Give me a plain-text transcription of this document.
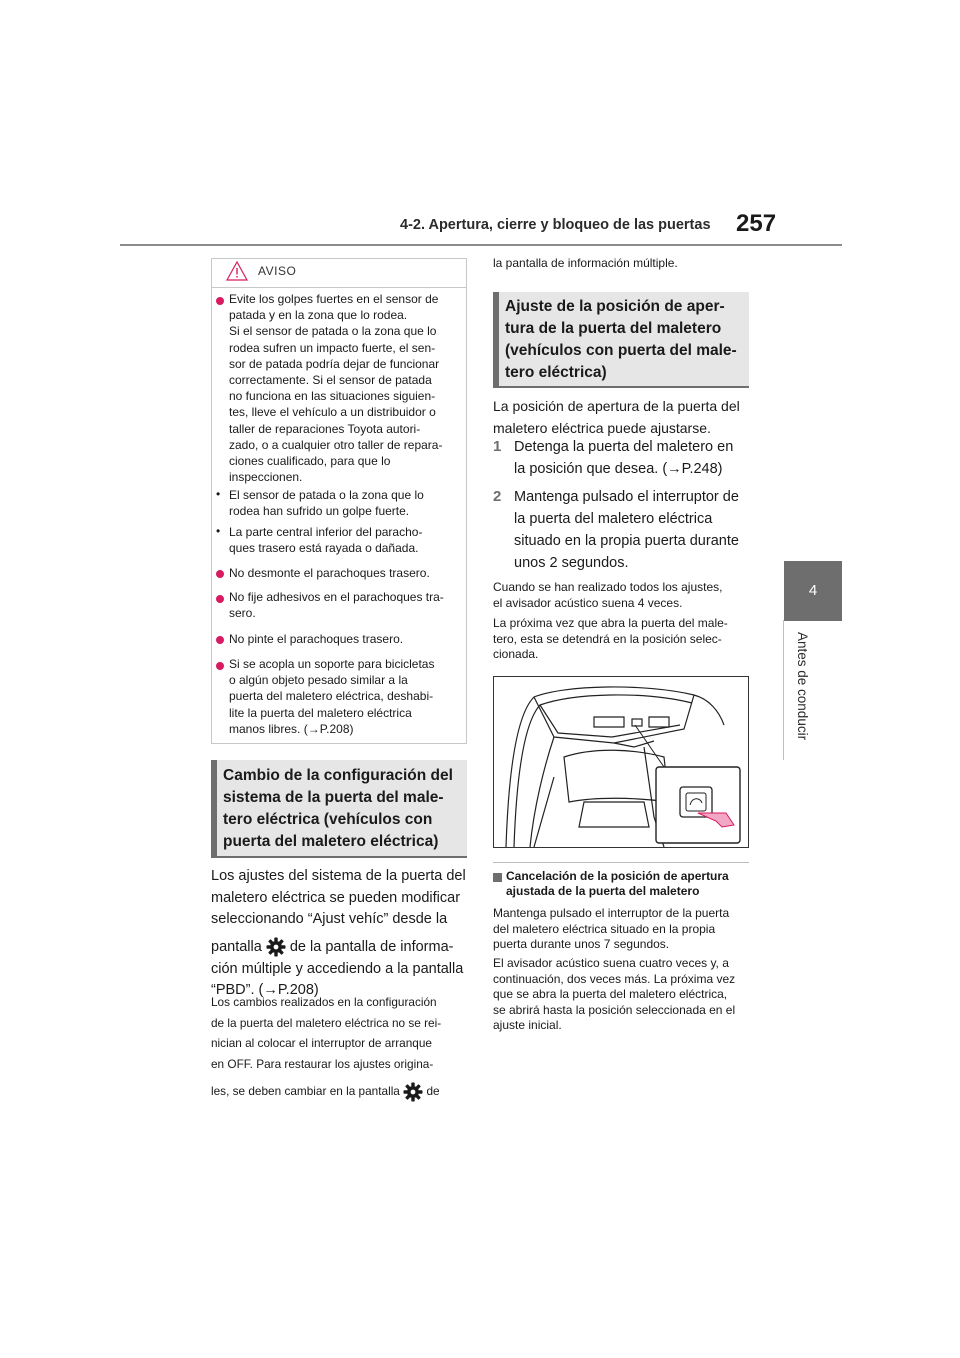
4-2. Apertura, cierre y bloqueo de las puertas 257
4
Antes de conducir
AVISO
Evite los golpes fuertes en el sensor de
patada y en la zona que lo rodea.
Si el sensor de patada o la zona que lo
rodea sufren un impacto fuerte, el sen-
sor de patada podría dejar de funcionar
correctamente. Si el sensor de patada
no funciona en las situaciones siguien-
tes, lleve el vehículo a un distribuidor o
taller de reparaciones Toyota autori-
zado, o a cualquier otro taller de repara-
ciones cualificado, para que lo
inspeccionen.
• El sensor de patada o la zona que lo
rodea han sufrido un golpe fuerte.
• La parte central inferior del paracho-
ques trasero está rayada o dañada.
No desmonte el parachoques trasero.
No fije adhesivos en el parachoques tra-
sero.
No pinte el parachoques trasero.
Si se acopla un soporte para bicicletas
o algún objeto pesado similar a la
puerta del maletero eléctrica, deshabi-
lite la puerta del maletero eléctrica
manos libres. (→P.208)
Cambio de la configuración del
sistema de la puerta del male-
tero eléctrica (vehículos con
puerta del maletero eléctrica)
Los ajustes del sistema de la puerta del
maletero eléctrica se pueden modificar
seleccionando “Ajust vehíc” desde la
pantalla de la pantalla de informa-
ción múltiple y accediendo a la pantalla
“PBD”. (→P.208)
Los cambios realizados en la configuración
de la puerta del maletero eléctrica no se rei-
nician al colocar el interruptor de arranque
en OFF. Para restaurar los ajustes origina-
les, se deben cambiar en la pantalla de
la pantalla de información múltiple.
Ajuste de la posición de aper-
tura de la puerta del maletero
(vehículos con puerta del male-
tero eléctrica)
La posición de apertura de la puerta del
maletero eléctrica puede ajustarse.
1 Detenga la puerta del maletero en
la posición que desea. (→P.248)
2 Mantenga pulsado el interruptor de
la puerta del maletero eléctrica
situado en la propia puerta durante
unos 2 segundos.
Cuando se han realizado todos los ajustes,
el avisador acústico suena 4 veces.
La próxima vez que abra la puerta del male-
tero, esta se detendrá en la posición selec-
cionada.
Cancelación de la posición de apertura
ajustada de la puerta del maletero
Mantenga pulsado el interruptor de la puerta
del maletero eléctrica situado en la propia
puerta durante unos 7 segundos.
El avisador acústico suena cuatro veces y, a
continuación, dos veces más. La próxima vez
que se abra la puerta del maletero eléctrica,
se abrirá hasta la posición seleccionada en el
ajuste inicial.
